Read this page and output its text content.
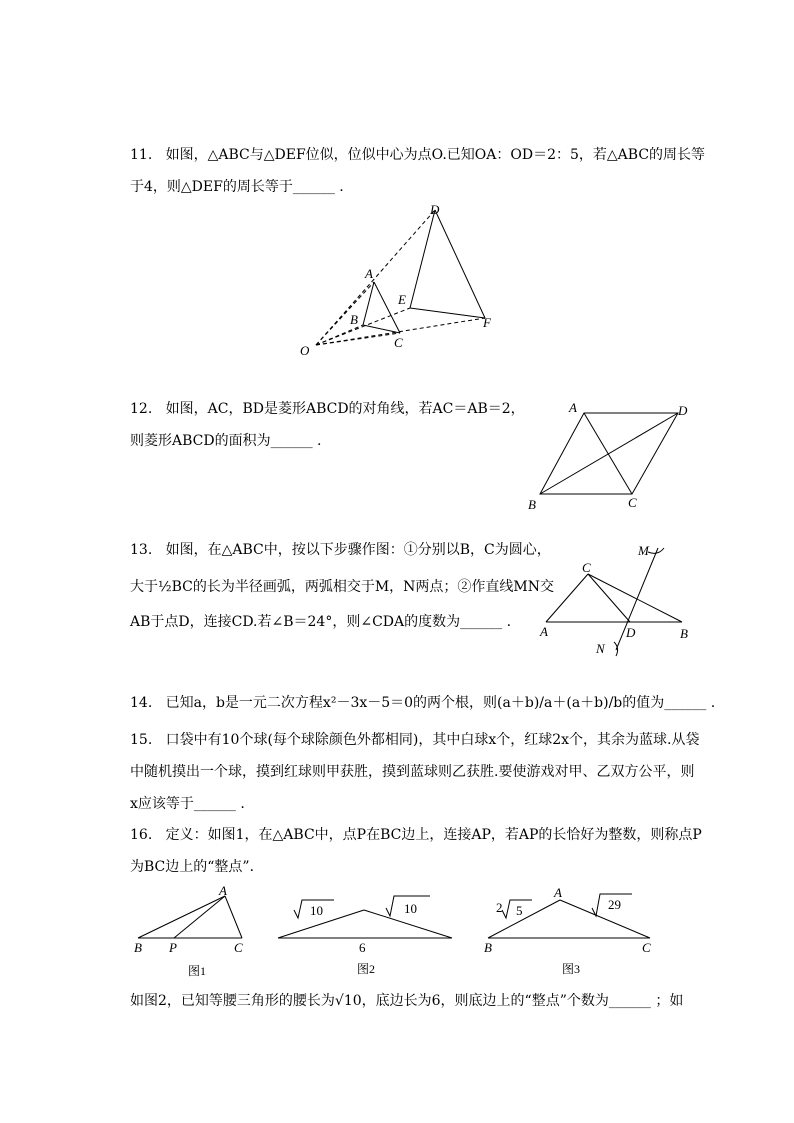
11. 如图，△ABC与△DEF位似，位似中心为点O.已知OA：OD＝2：5，若△ABC的周长等
于4，则△DEF的周长等于______ .
O
A
B
C
D
E
F
12. 如图，AC，BD是菱形ABCD的对角线，若AC＝AB＝2，
则菱形ABCD的面积为______ .
A
B	C
D
13. 如图，在△ABC中，按以下步骤作图：①分别以B，C为圆心，
大于½BC的长为半径画弧，两弧相交于M，N两点；②作直线MN交
AB于点D，连接CD.若∠B＝24°，则∠CDA的度数为______ .
A	B
C
D
M
N
14. 已知a，b是一元二次方程x²－3x－5＝0的两个根，则(a＋b)/a＋(a＋b)/b的值为______ .
15. 口袋中有10个球(每个球除颜色外都相同)，其中白球x个，红球2x个，其余为蓝球.从袋
中随机摸出一个球，摸到红球则甲获胜，摸到蓝球则乙获胜.要使游戏对甲、乙双方公平，则
x应该等于______ .
16. 定义：如图1，在△ABC中，点P在BC边上，连接AP，若AP的长恰好为整数，则称点P
为BC边上的“整点”．
A
B P	C
图1
10	10
6
图2
2 5
A
29
B	C
图3
如图2，已知等腰三角形的腰长为√10，底边长为6，则底边上的“整点”个数为______ ；如
